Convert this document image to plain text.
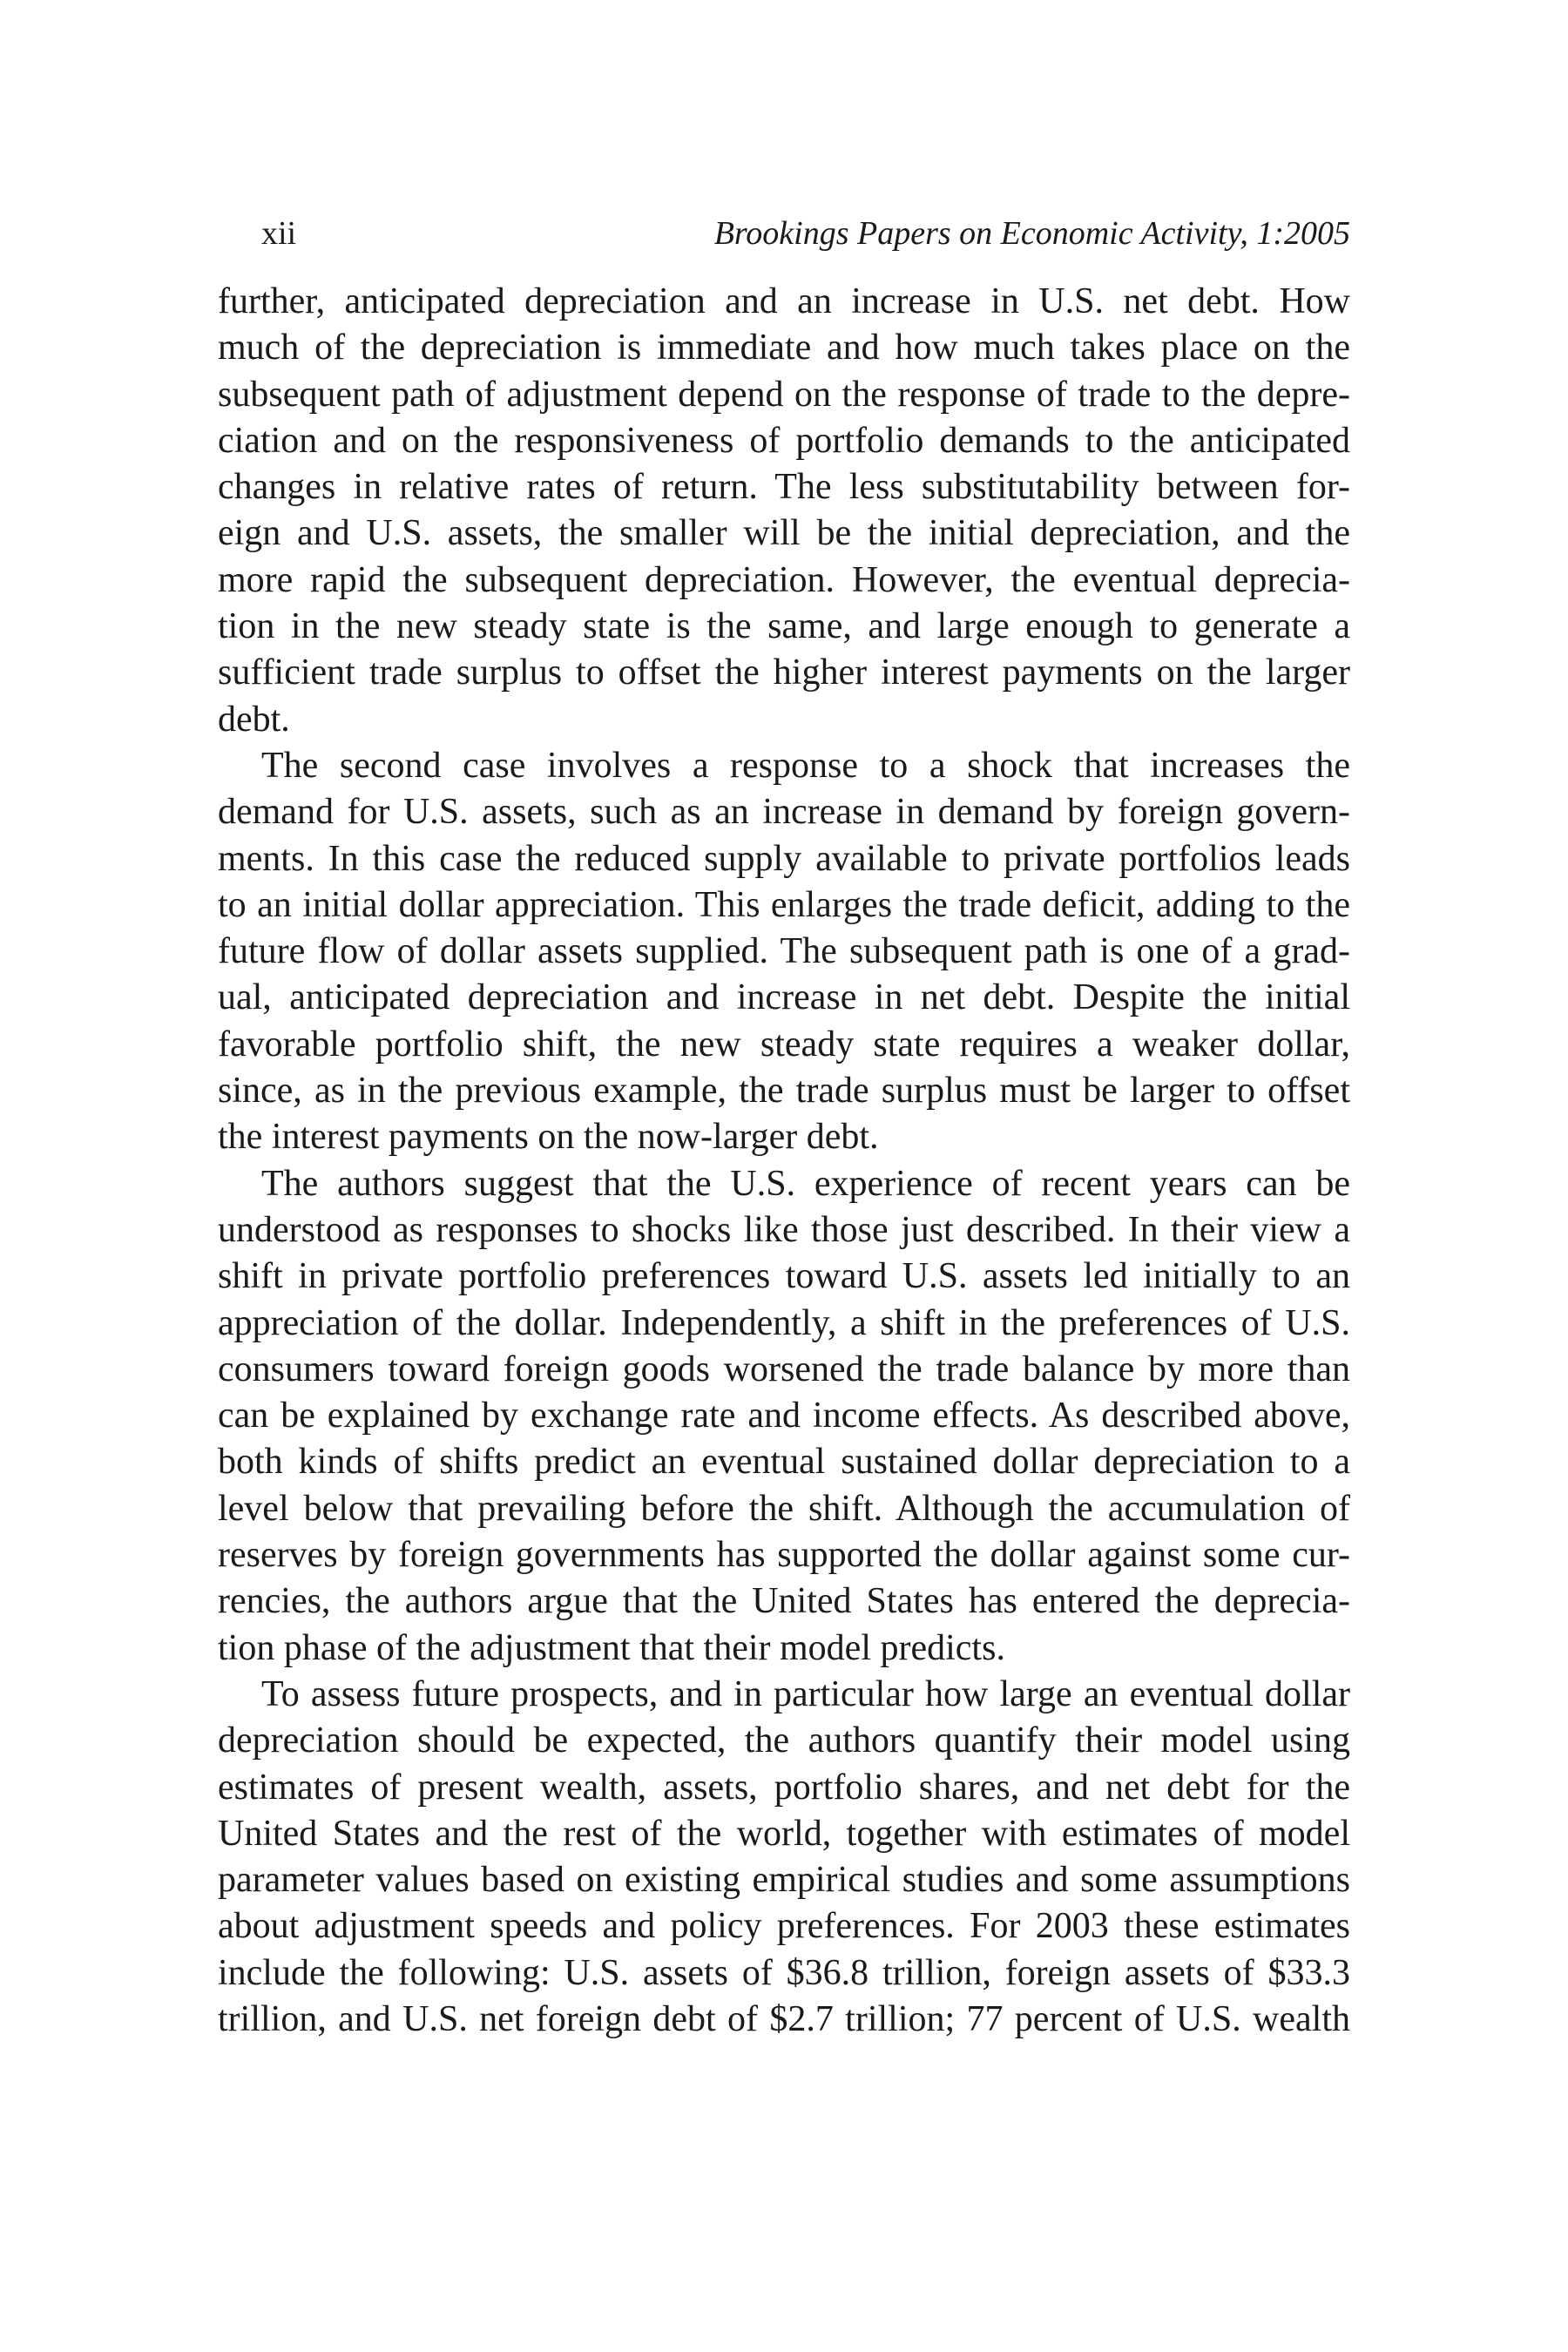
xii	Brookings Papers on Economic Activity, 1:2005
further, anticipated depreciation and an increase in U.S. net debt. How
much of the depreciation is immediate and how much takes place on the
subsequent path of adjustment depend on the response of trade to the depre-
ciation and on the responsiveness of portfolio demands to the anticipated
changes in relative rates of return. The less substitutability between for-
eign and U.S. assets, the smaller will be the initial depreciation, and the
more rapid the subsequent depreciation. However, the eventual deprecia-
tion in the new steady state is the same, and large enough to generate a
sufficient trade surplus to offset the higher interest payments on the larger
debt.
The second case involves a response to a shock that increases the
demand for U.S. assets, such as an increase in demand by foreign govern-
ments. In this case the reduced supply available to private portfolios leads
to an initial dollar appreciation. This enlarges the trade deficit, adding to the
future flow of dollar assets supplied. The subsequent path is one of a grad-
ual, anticipated depreciation and increase in net debt. Despite the initial
favorable portfolio shift, the new steady state requires a weaker dollar,
since, as in the previous example, the trade surplus must be larger to offset
the interest payments on the now-larger debt.
The authors suggest that the U.S. experience of recent years can be
understood as responses to shocks like those just described. In their view a
shift in private portfolio preferences toward U.S. assets led initially to an
appreciation of the dollar. Independently, a shift in the preferences of U.S.
consumers toward foreign goods worsened the trade balance by more than
can be explained by exchange rate and income effects. As described above,
both kinds of shifts predict an eventual sustained dollar depreciation to a
level below that prevailing before the shift. Although the accumulation of
reserves by foreign governments has supported the dollar against some cur-
rencies, the authors argue that the United States has entered the deprecia-
tion phase of the adjustment that their model predicts.
To assess future prospects, and in particular how large an eventual dollar
depreciation should be expected, the authors quantify their model using
estimates of present wealth, assets, portfolio shares, and net debt for the
United States and the rest of the world, together with estimates of model
parameter values based on existing empirical studies and some assumptions
about adjustment speeds and policy preferences. For 2003 these estimates
include the following: U.S. assets of $36.8 trillion, foreign assets of $33.3
trillion, and U.S. net foreign debt of $2.7 trillion; 77 percent of U.S. wealth
